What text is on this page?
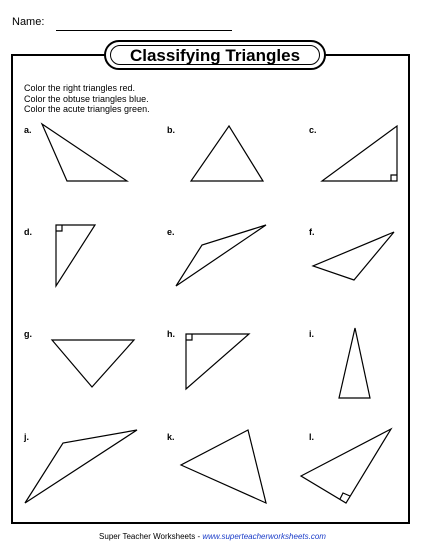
Name:
Classifying Triangles
Color the right triangles red.
Color the obtuse triangles blue.
Color the acute triangles green.
a.	b.	c.
d.	e.	f.
g.	h.	i.
j.	k.	l.
Super Teacher Worksheets - www.superteacherworksheets.com
